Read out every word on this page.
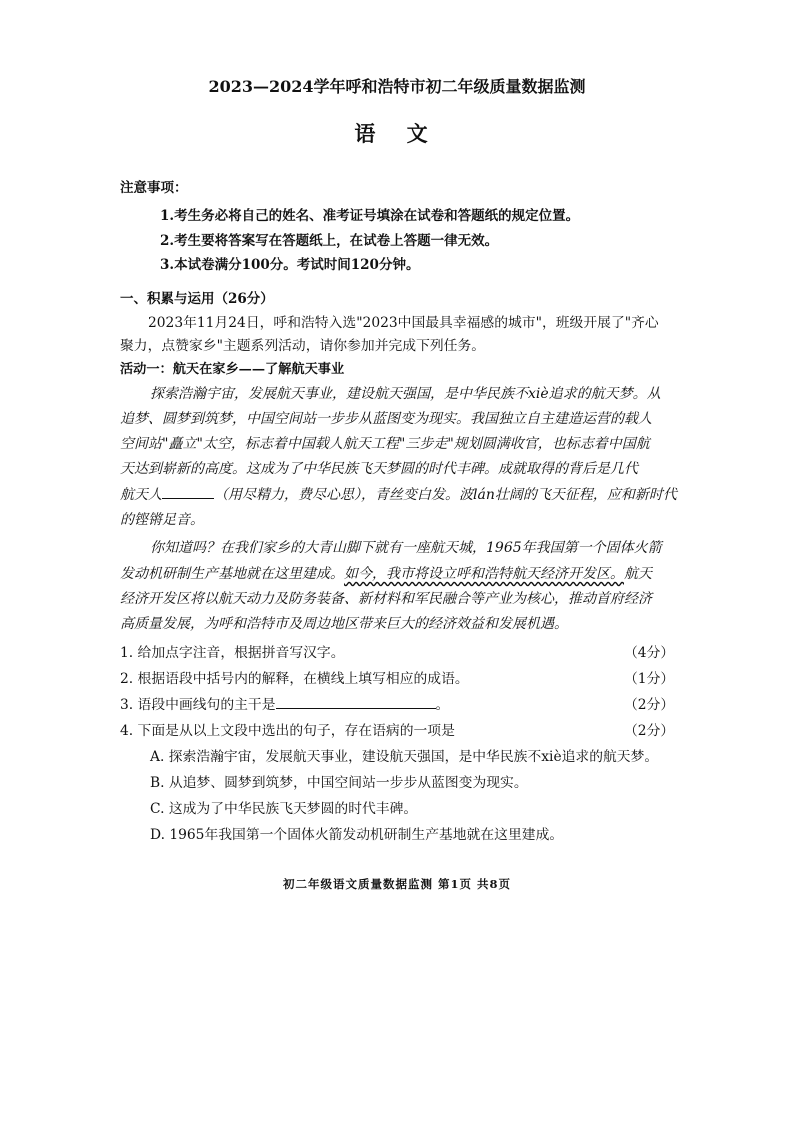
2023—2024学年呼和浩特市初二年级质量数据监测
语 文
注意事项：
1.考生务必将自己的姓名、准考证号填涂在试卷和答题纸的规定位置。
2.考生要将答案写在答题纸上，在试卷上答题一律无效。
3.本试卷满分100分。考试时间120分钟。
一、积累与运用（26分）
2023年11月24日，呼和浩特入选"2023中国最具幸福感的城市"，班级开展了"齐心
聚力，点赞家乡"主题系列活动，请你参加并完成下列任务。
活动一：航天在家乡——了解航天事业
探索浩瀚宇宙，发展航天事业，建设航天强国，是中华民族不xiè追求的航天梦。从
追梦、圆梦到筑梦，中国空间站一步步从蓝图变为现实。我国独立自主建造运营的载人
空间站"矗立"太空，标志着中国载人航天工程"三步走"规划圆满收官，也标志着中国航
天达到崭新的高度。这成为了中华民族飞天梦圆的时代丰碑。成就取得的背后是几代
航天人	（用尽精力，费尽心思），青丝变白发。波lán壮阔的飞天征程，应和新时代
的铿锵足音。
你知道吗？在我们家乡的大青山脚下就有一座航天城，1965年我国第一个固体火箭
发动机研制生产基地就在这里建成。如今，我市将设立呼和浩特航天经济开发区。航天
经济开发区将以航天动力及防务装备、新材料和军民融合等产业为核心，推动首府经济
高质量发展，为呼和浩特市及周边地区带来巨大的经济效益和发展机遇。
1. 给加点字注音，根据拼音写汉字。	（4分）
2. 根据语段中括号内的解释，在横线上填写相应的成语。	（1分）
3. 语段中画线句的主干是	。	（2分）
4. 下面是从以上文段中选出的句子，存在语病的一项是	（2分）
A. 探索浩瀚宇宙，发展航天事业，建设航天强国，是中华民族不xiè追求的航天梦。
B. 从追梦、圆梦到筑梦，中国空间站一步步从蓝图变为现实。
C. 这成为了中华民族飞天梦圆的时代丰碑。
D. 1965年我国第一个固体火箭发动机研制生产基地就在这里建成。
初二年级语文质量数据监测 第1页 共8页
